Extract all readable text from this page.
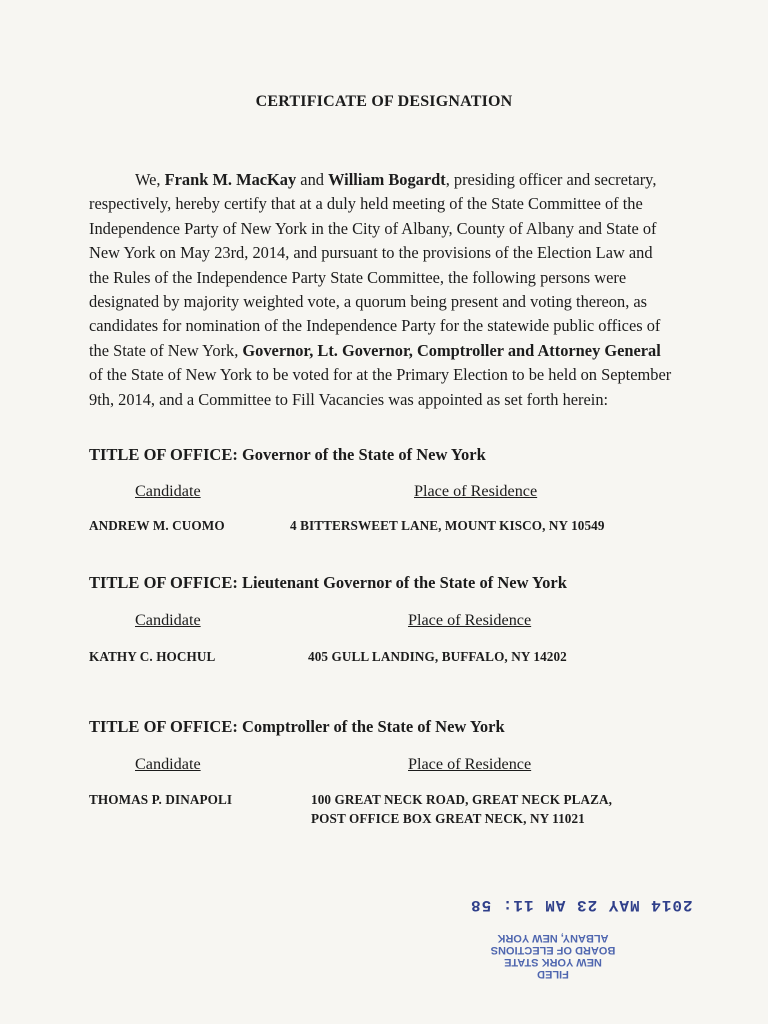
CERTIFICATE OF DESIGNATION
We, Frank M. MacKay and William Bogardt, presiding officer and secretary, respectively, hereby certify that at a duly held meeting of the State Committee of the Independence Party of New York in the City of Albany, County of Albany and State of New York on May 23rd, 2014, and pursuant to the provisions of the Election Law and the Rules of the Independence Party State Committee, the following persons were designated by majority weighted vote, a quorum being present and voting thereon, as candidates for nomination of the Independence Party for the statewide public offices of the State of New York, Governor, Lt. Governor, Comptroller and Attorney General of the State of New York to be voted for at the Primary Election to be held on September 9th, 2014, and a Committee to Fill Vacancies was appointed as set forth herein:
TITLE OF OFFICE: Governor of the State of New York
Candidate	Place of Residence
ANDREW M. CUOMO	4 BITTERSWEET LANE, MOUNT KISCO, NY 10549
TITLE OF OFFICE: Lieutenant Governor of the State of New York
Candidate	Place of Residence
KATHY C. HOCHUL	405 GULL LANDING, BUFFALO, NY 14202
TITLE OF OFFICE: Comptroller of the State of New York
Candidate	Place of Residence
THOMAS P. DINAPOLI	100 GREAT NECK ROAD, GREAT NECK PLAZA,
POST OFFICE BOX GREAT NECK, NY 11021
2014 MAY 23 AM 11: 58
FILED
NEW YORK STATE
BOARD OF ELECTIONS
ALBANY, NEW YORK
